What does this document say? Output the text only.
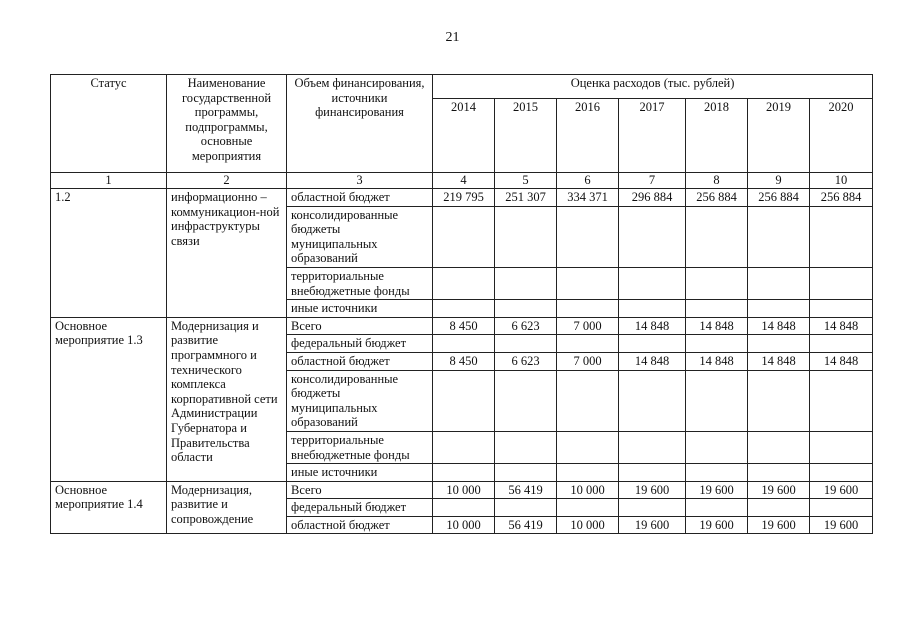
21
Статус	Наименование государственной программы, подпрограммы, основные мероприятия	Объем финансирования, источники финансирования	Оценка расходов (тыс. рублей)						
			2014	2015	2016	2017	2018	2019	2020
1	2	3	4	5	6	7	8	9	10
1.2	информационно – коммуникацион-ной инфраструктуры связи	областной бюджет	219 795	251 307	334 371	296 884	256 884	256 884	256 884
		консолидированные бюджеты муниципальных образований							
		территориальные внебюджетные фонды							
		иные источники							
Основное мероприятие 1.3	Модернизация и развитие программного и технического комплекса корпоративной сети Администрации Губернатора и Правительства области	Всего	8 450	6 623	7 000	14 848	14 848	14 848	14 848
		федеральный бюджет							
		областной бюджет	8 450	6 623	7 000	14 848	14 848	14 848	14 848
		консолидированные бюджеты муниципальных образований							
		территориальные внебюджетные фонды							
		иные источники							
Основное мероприятие 1.4	Модернизация, развитие и сопровождение	Всего	10 000	56 419	10 000	19 600	19 600	19 600	19 600
		федеральный бюджет							
		областной бюджет	10 000	56 419	10 000	19 600	19 600	19 600	19 600
